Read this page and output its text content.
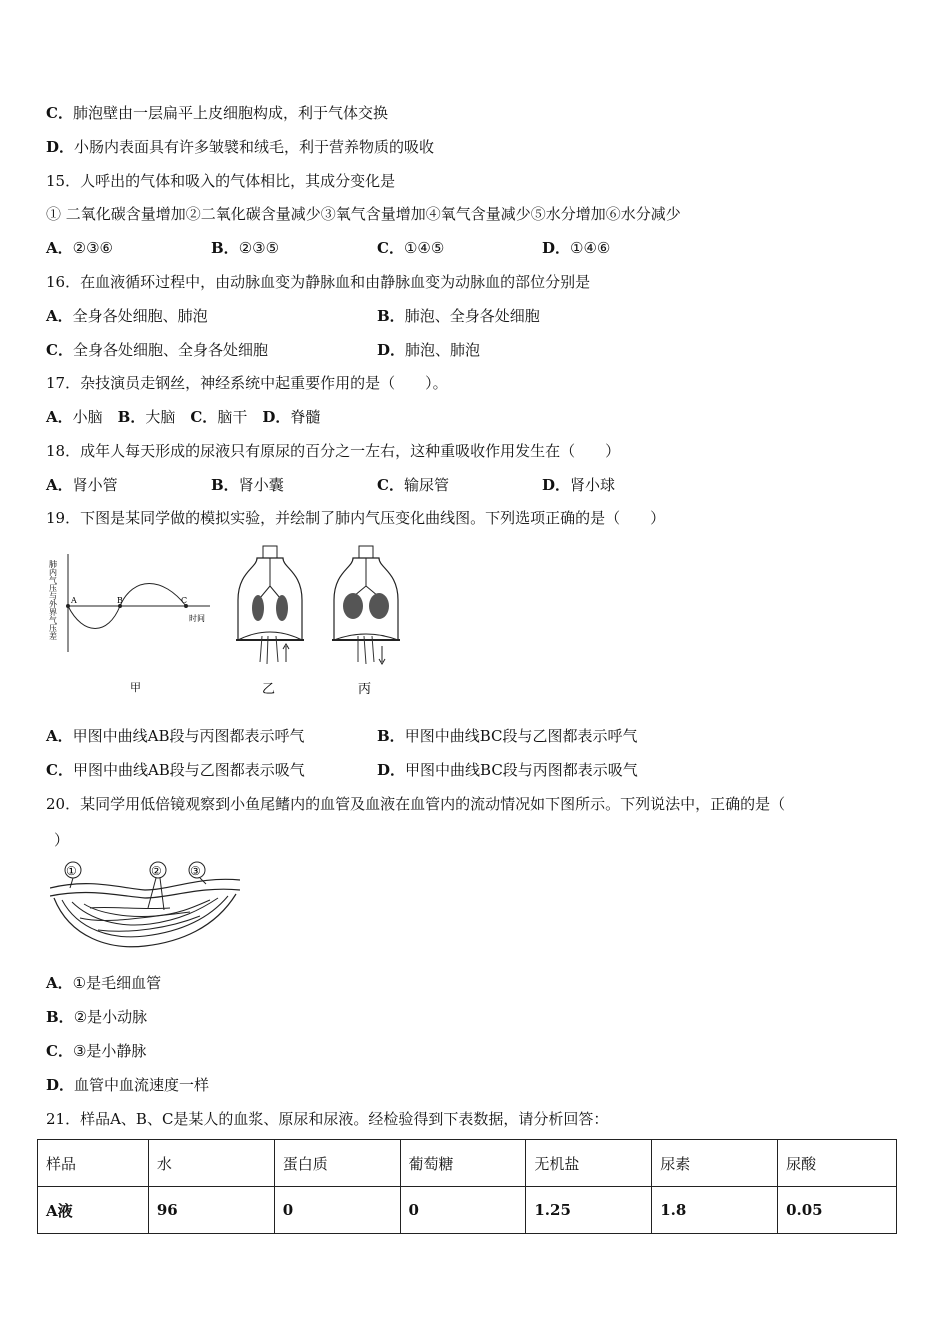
C．肺泡壁由一层扁平上皮细胞构成，利于气体交换
D．小肠内表面具有许多皱襞和绒毛，利于营养物质的吸收
15．人呼出的气体和吸入的气体相比，其成分变化是
① 二氧化碳含量增加②二氧化碳含量减少③氧气含量增加④氧气含量减少⑤水分增加⑥水分减少
A．②③⑥	B．②③⑤	C．①④⑤	D．①④⑥
16．在血液循环过程中，由动脉血变为静脉血和由静脉血变为动脉血的部位分别是
A．全身各处细胞、肺泡	B．肺泡、全身各处细胞
C．全身各处细胞、全身各处细胞	D．肺泡、肺泡
17．杂技演员走钢丝，神经系统中起重要作用的是（　　）。
A．小脑  B．大脑  C．脑干  D．脊髓
18．成年人每天形成的尿液只有原尿的百分之一左右，这种重吸收作用发生在（　　）
A．肾小管	B．肾小囊	C．输尿管	D．肾小球
19．下图是某同学做的模拟实验，并绘制了肺内气压变化曲线图。下列选项正确的是（　　）
肺内气压与外界气压差 A	B	C
时间
甲	乙	丙
A．甲图中曲线AB段与丙图都表示呼气	B．甲图中曲线BC段与乙图都表示呼气
C．甲图中曲线AB段与乙图都表示吸气	D．甲图中曲线BC段与丙图都表示吸气
20．某同学用低倍镜观察到小鱼尾鳍内的血管及血液在血管内的流动情况如下图所示。下列说法中，正确的是（
）
①	② ③
A．①是毛细血管
B．②是小动脉
C．③是小静脉
D．血管中血流速度一样
21．样品A、B、C是某人的血浆、原尿和尿液。经检验得到下表数据，请分析回答：
样品	水	蛋白质	葡萄糖	无机盐	尿素	尿酸
A液	96	0	0	1.25	1.8	0.05
